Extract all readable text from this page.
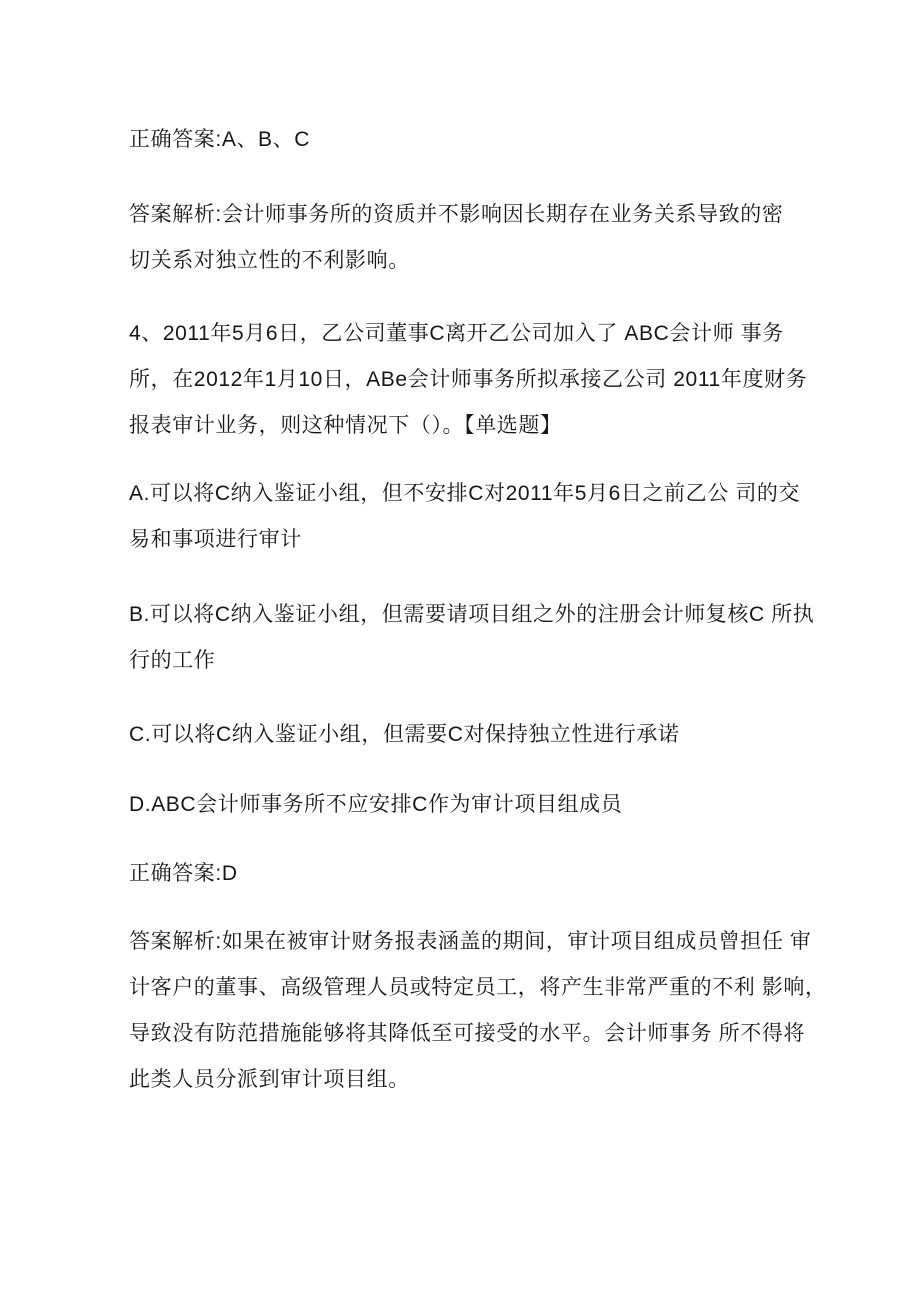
正确答案:A、B、C
答案解析:会计师事务所的资质并不影响因长期存在业务关系导致的密
切关系对独立性的不利影响。
4、2011年5月6日，乙公司董事C离开乙公司加入了 ABC会计师 事务
所，在2012年1月10日，ABe会计师事务所拟承接乙公司 2011年度财务
报表审计业务，则这种情况下（）。【单选题】
A.可以将C纳入鉴证小组，但不安排C对2011年5月6日之前乙公 司的交
易和事项进行审计
B.可以将C纳入鉴证小组，但需要请项目组之外的注册会计师复核C 所执
行的工作
C.可以将C纳入鉴证小组，但需要C对保持独立性进行承诺
D.ABC会计师事务所不应安排C作为审计项目组成员
正确答案:D
答案解析:如果在被审计财务报表涵盖的期间，审计项目组成员曾担任 审
计客户的董事、高级管理人员或特定员工，将产生非常严重的不利 影响，
导致没有防范措施能够将其降低至可接受的水平。会计师事务 所不得将
此类人员分派到审计项目组。
